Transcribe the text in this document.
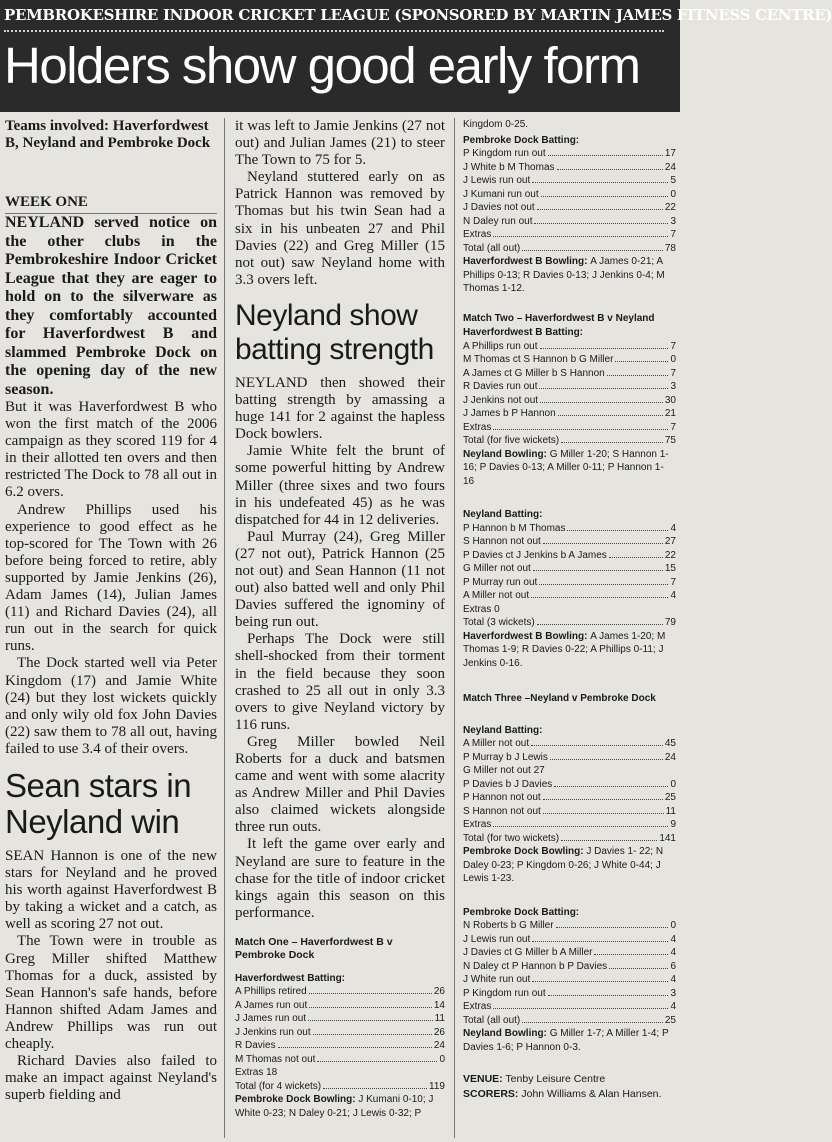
PEMBROKESHIRE INDOOR CRICKET LEAGUE (SPONSORED BY MARTIN JAMES FITNESS CENTRE)
Holders show good early form
Teams involved: Haverfordwest B, Neyland and Pembroke Dock
WEEK ONE

NEYLAND served notice on the other clubs in the Pembrokeshire Indoor Cricket League that they are eager to hold on to the silverware as they comfortably accounted for Haverfordwest B and slammed Pembroke Dock on the opening day of the new season.

But it was Haverfordwest B who won the first match of the 2006 campaign as they scored 119 for 4 in their allotted ten overs and then restricted The Dock to 78 all out in 6.2 overs.

Andrew Phillips used his experience to good effect as he top-scored for The Town with 26 before being forced to retire, ably supported by Jamie Jenkins (26), Adam James (14), Julian James (11) and Richard Davies (24), all run out in the search for quick runs.

The Dock started well via Peter Kingdom (17) and Jamie White (24) but they lost wickets quickly and only wily old fox John Davies (22) saw them to 78 all out, having failed to use 3.4 of their overs.

Sean stars in Neyland win

SEAN Hannon is one of the new stars for Neyland and he proved his worth against Haverfordwest B by taking a wicket and a catch, as well as scoring 27 not out.

The Town were in trouble as Greg Miller shifted Matthew Thomas for a duck, assisted by Sean Hannon's safe hands, before Hannon shifted Adam James and Andrew Phillips was run out cheaply.

Richard Davies also failed to make an impact against Neyland's superb fielding and

it was left to Jamie Jenkins (27 not out) and Julian James (21) to steer The Town to 75 for 5.

Neyland stuttered early on as Patrick Hannon was removed by Thomas but his twin Sean had a six in his unbeaten 27 and Phil Davies (22) and Greg Miller (15 not out) saw Neyland home with 3.3 overs left.

Neyland show batting strength

NEYLAND then showed their batting strength by amassing a huge 141 for 2 against the hapless Dock bowlers.

Jamie White felt the brunt of some powerful hitting by Andrew Miller (three sixes and two fours in his undefeated 45) as he was dispatched for 44 in 12 deliveries.

Paul Murray (24), Greg Miller (27 not out), Patrick Hannon (25 not out) and Sean Hannon (11 not out) also batted well and only Phil Davies suffered the ignominy of being run out.

Perhaps The Dock were still shell-shocked from their torment in the field because they soon crashed to 25 all out in only 3.3 overs to give Neyland victory by 116 runs.

Greg Miller bowled Neil Roberts for a duck and batsmen came and went with some alacrity as Andrew Miller and Phil Davies also claimed wickets alongside three run outs.

It left the game over early and Neyland are sure to feature in the chase for the title of indoor cricket kings again this season on this performance.

Match One – Haverfordwest B v Pembroke Dock
Haverfordwest Batting:
A Phillips retired	26
A James run out	14
J James run out	11
J Jenkins run out	26
R Davies	24
M Thomas not out	0
Extras 18
Total (for 4 wickets)	119
Pembroke Dock Bowling: J Kumani 0-10; J White 0-23; N Daley 0-21; J Lewis 0-32; P
Kingdom 0-25.
Pembroke Dock Batting:
P Kingdom run out	17
J White b M Thomas	24
J Lewis run out	5
J Kumani run out	0
J Davies not out	22
N Daley run out	3
Extras	7
Total (all out)	78
Haverfordwest B Bowling: A James 0-21; A Phillips 0-13; R Davies 0-13; J Jenkins 0-4; M Thomas 1-12.
Match Two – Haverfordwest B v Neyland
Haverfordwest B Batting:
A Phillips run out	7
M Thomas ct S Hannon b G Miller	0
A James ct G Miller b S Hannon	7
R Davies run out	3
J Jenkins not out	30
J James b P Hannon	21
Extras	7
Total (for five wickets)	75
Neyland Bowling: G Miller 1-20; S Hannon 1-16; P Davies 0-13; A Miller 0-11; P Hannon 1- 16
Neyland Batting:
P Hannon b M Thomas	4
S Hannon not out	27
P Davies ct J Jenkins b A James	22
G Miller not out	15
P Murray run out	7
A Miller not out	4
Extras 0
Total (3 wickets)	79
Haverfordwest B Bowling: A James 1-20; M Thomas 1-9; R Davies 0-22; A Phillips 0-11; J Jenkins 0-16.
Match Three –Neyland v Pembroke Dock
Neyland Batting:
A Miller not out	45
P Murray b J Lewis	24
G Miller not out 27
P Davies b J Davies	0
P Hannon not out	25
S Hannon not out	11
Extras	9
Total (for two wickets)	141
Pembroke Dock Bowling: J Davies 1- 22; N Daley 0-23; P Kingdom 0-26; J White 0-44; J Lewis 1-23.
Pembroke Dock Batting:
N Roberts b G Miller	0
J Lewis run out	4
J Davies ct G Miller b A Miller	4
N Daley ct P Hannon b P Davies	6
J White run out	4
P Kingdom run out	3
Extras	4
Total (all out)	25
Neyland Bowling: G Miller 1-7; A Miller 1-4; P Davies 1-6; P Hannon 0-3.
VENUE: Tenby Leisure Centre
SCORERS: John Williams & Alan Hansen.
